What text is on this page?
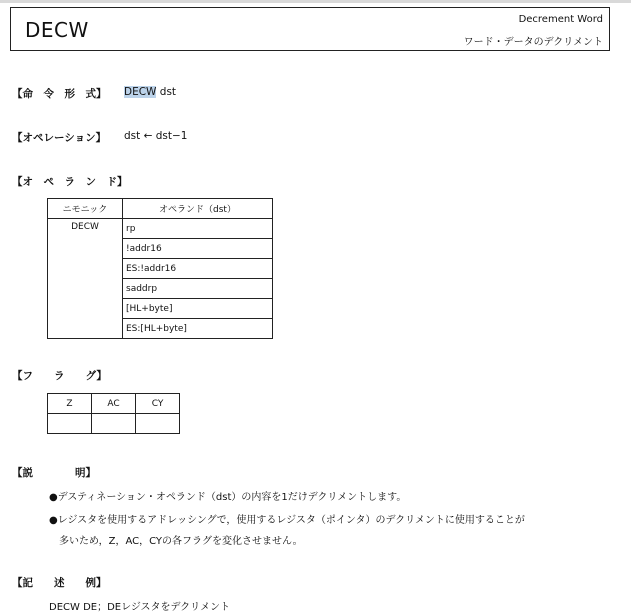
DECW	Decrement Word
ワード・データのデクリメント
【命　令　形　式】 DECW dst
【オペレーション】 dst ← dst−1
【オ　ペ　ラ　ン　ド】
ニモニック	オペランド（dst）
DECW	rp
	!addr16
	ES:!addr16
	saddrp
	[HL+byte]
	ES:[HL+byte]
【フ　　ラ　　グ】
Z	AC	CY

【説　　　　明】
●デスティネーション・オペランド（dst）の内容を1だけデクリメントします。
●レジスタを使用するアドレッシングで，使用するレジスタ（ポインタ）のデクリメントに使用することが
　多いため，Z，AC，CYの各フラグを変化させません。
【記　　述　　例】
DECW DE；DEレジスタをデクリメント
